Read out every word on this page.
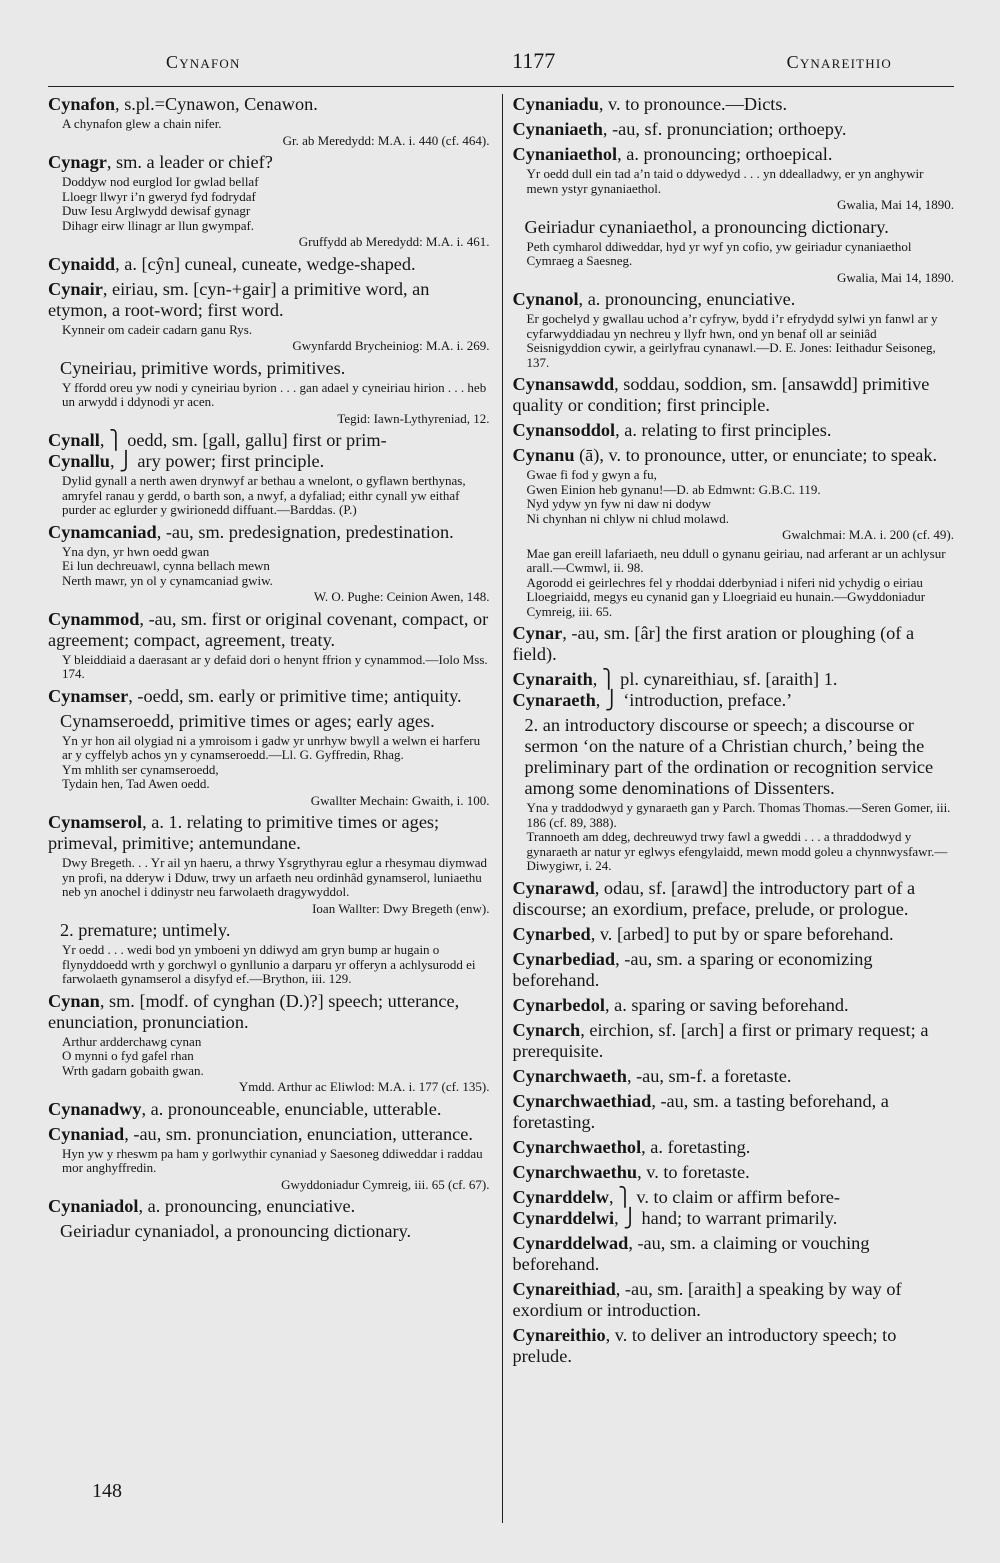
Cynafon	1177	Cynareithio
Cynafon, s.pl.=Cynawon, Cenawon.
A chynafon glew a chain nifer.
Gr. ab Meredydd: M.A. i. 440 (cf. 464).
Cynagr, sm. a leader or chief?
Doddyw nod eurglod Ior gwlad bellaf
Lloegr llwyr i’n gweryd fyd fodrydaf
Duw Iesu Arglwydd dewisaf gynagr
Dihagr eirw llinagr ar llun gwympaf.
Gruffydd ab Meredydd: M.A. i. 461.
Cynaidd, a. [cŷn] cuneal, cuneate, wedge-shaped.
Cynair, eiriau, sm. [cyn-+gair] a primitive word, an etymon, a root-word; first word.
Kynneir om cadeir cadarn ganu Rys.
Gwynfardd Brycheiniog: M.A. i. 269.
Cyneiriau, primitive words, primitives.
Y ffordd oreu yw nodi y cyneiriau byrion . . . gan adael y cyneiriau hirion . . . heb un arwydd i ddynodi yr acen.
Tegid: Iawn-Lythyreniad, 12.
Cynall, ⎫ oedd, sm. [gall, gallu] first or prim-
Cynallu, ⎭ ary power; first principle.
Dylid gynall a nerth awen drynwyf ar bethau a wnelont, o gyflawn berthynas, amryfel ranau y gerdd, o barth son, a nwyf, a dyfaliad; eithr cynall yw eithaf purder ac eglurder y gwirionedd diffuant.—Barddas. (P.)
Cynamcaniad, -au, sm. predesignation, predestination.
Yna dyn, yr hwn oedd gwan
Ei lun dechreuawl, cynna bellach mewn
Nerth mawr, yn ol y cynamcaniad gwiw.
W. O. Pughe: Ceinion Awen, 148.
Cynammod, -au, sm. first or original covenant, compact, or agreement; compact, agreement, treaty.
Y bleiddiaid a daerasant ar y defaid dori o henynt ffrion y cynammod.—Iolo Mss. 174.
Cynamser, -oedd, sm. early or primitive time; antiquity.
Cynamseroedd, primitive times or ages; early ages.
Yn yr hon ail olygiad ni a ymroisom i gadw yr unrhyw bwyll a welwn ei harferu ar y cyffelyb achos yn y cynamseroedd.—Ll. G. Gyffredin, Rhag.
Ym mhlith ser cynamseroedd,
Tydain hen, Tad Awen oedd.
Gwallter Mechain: Gwaith, i. 100.
Cynamserol, a. 1. relating to primitive times or ages; primeval, primitive; antemundane.
Dwy Bregeth. . . Yr ail yn haeru, a thrwy Ysgrythyrau eglur a rhesymau diymwad yn profi, na dderyw i Dduw, trwy un arfaeth neu ordinhâd gynamserol, luniaethu neb yn anochel i ddinystr neu farwolaeth dragywyddol.
Ioan Wallter: Dwy Bregeth (enw).
2. premature; untimely.
Yr oedd . . . wedi bod yn ymboeni yn ddiwyd am gryn bump ar hugain o flynyddoedd wrth y gorchwyl o gynllunio a darparu yr offeryn a achlysurodd ei farwolaeth gynamserol a disyfyd ef.—Brython, iii. 129.
Cynan, sm. [modf. of cynghan (D.)?] speech; utterance, enunciation, pronunciation.
Arthur ardderchawg cynan
O mynni o fyd gafel rhan
Wrth gadarn gobaith gwan.
Ymdd. Arthur ac Eliwlod: M.A. i. 177 (cf. 135).
Cynanadwy, a. pronounceable, enunciable, utterable.
Cynaniad, -au, sm. pronunciation, enunciation, utterance.
Hyn yw y rheswm pa ham y gorlwythir cynaniad y Saesoneg ddiweddar i raddau mor anghyffredin.
Gwyddoniadur Cymreig, iii. 65 (cf. 67).
Cynaniadol, a. pronouncing, enunciative.
Geiriadur cynaniadol, a pronouncing dictionary.
Cynaniadu, v. to pronounce.—Dicts.
Cynaniaeth, -au, sf. pronunciation; orthoepy.
Cynaniaethol, a. pronouncing; orthoepical.
Yr oedd dull ein tad a’n taid o ddywedyd . . . yn ddealladwy, er yn anghywir mewn ystyr gynaniaethol.
Gwalia, Mai 14, 1890.
Geiriadur cynaniaethol, a pronouncing dictionary.
Peth cymharol ddiweddar, hyd yr wyf yn cofio, yw geiriadur cynaniaethol Cymraeg a Saesneg.
Gwalia, Mai 14, 1890.
Cynanol, a. pronouncing, enunciative.
Er gochelyd y gwallau uchod a’r cyfryw, bydd i’r efrydydd sylwi yn fanwl ar y cyfarwyddiadau yn nechreu y llyfr hwn, ond yn benaf oll ar seiniâd Seisnigyddion cywir, a geirlyfrau cynanawl.—D. E. Jones: Ieithadur Seisoneg, 137.
Cynansawdd, soddau, soddion, sm. [ansawdd] primitive quality or condition; first principle.
Cynansoddol, a. relating to first principles.
Cynanu (ā), v. to pronounce, utter, or enunciate; to speak.
Gwae fi fod y gwyn a fu,
Gwen Einion heb gynanu!—D. ab Edmwnt: G.B.C. 119.
Nyd ydyw yn fyw ni daw ni dodyw
Ni chynhan ni chlyw ni chlud molawd.
Gwalchmai: M.A. i. 200 (cf. 49).
Mae gan ereill lafariaeth, neu ddull o gynanu geiriau, nad arferant ar un achlysur arall.—Cwmwl, ii. 98.
Agorodd ei geirlechres fel y rhoddai dderbyniad i niferi nid ychydig o eiriau Lloegriaidd, megys eu cynanid gan y Lloegriaid eu hunain.—Gwyddoniadur Cymreig, iii. 65.
Cynar, -au, sm. [âr] the first aration or ploughing (of a field).
Cynaraith, ⎫ pl. cynareithiau, sf. [araith] 1.
Cynaraeth, ⎭ ‘introduction, preface.’
2. an introductory discourse or speech; a discourse or sermon ‘on the nature of a Christian church,’ being the preliminary part of the ordination or recognition service among some denominations of Dissenters.
Yna y traddodwyd y gynaraeth gan y Parch. Thomas Thomas.—Seren Gomer, iii. 186 (cf. 89, 388).
Trannoeth am ddeg, dechreuwyd trwy fawl a gweddi . . . a thraddodwyd y gynaraeth ar natur yr eglwys efengylaidd, mewn modd goleu a chynnwysfawr.—Diwygiwr, i. 24.
Cynarawd, odau, sf. [arawd] the introductory part of a discourse; an exordium, preface, prelude, or prologue.
Cynarbed, v. [arbed] to put by or spare beforehand.
Cynarbediad, -au, sm. a sparing or economizing beforehand.
Cynarbedol, a. sparing or saving beforehand.
Cynarch, eirchion, sf. [arch] a first or primary request; a prerequisite.
Cynarchwaeth, -au, sm-f. a foretaste.
Cynarchwaethiad, -au, sm. a tasting beforehand, a foretasting.
Cynarchwaethol, a. foretasting.
Cynarchwaethu, v. to foretaste.
Cynarddelw, ⎫ v. to claim or affirm before-
Cynarddelwi, ⎭ hand; to warrant primarily.
Cynarddelwad, -au, sm. a claiming or vouching beforehand.
Cynareithiad, -au, sm. [araith] a speaking by way of exordium or introduction.
Cynareithio, v. to deliver an introductory speech; to prelude.
148
